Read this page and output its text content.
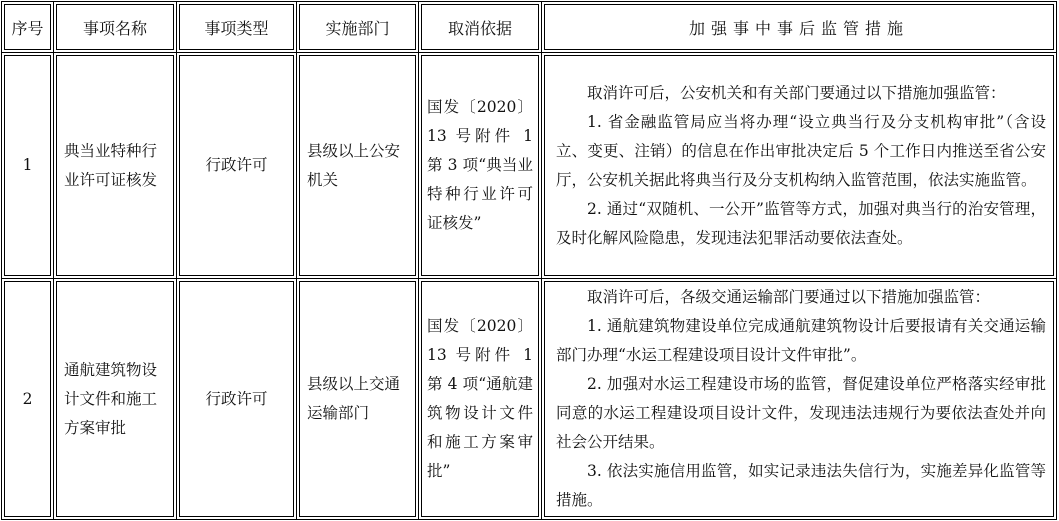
序号	事项名称	事项类型	实施部门	取消依据	加强事中事后监管措施
1	典当业特种行业许可证核发	行政许可	县级以上公安机关	国发〔2020〕13 号附件 1 第 3 项“典当业特种行业许可证核发”	取消许可后，公安机关和有关部门要通过以下措施加强监管：

1. 省金融监管局应当将办理“设立典当行及分支机构审批”（含设立、变更、注销）的信息在作出审批决定后 5 个工作日内推送至省公安厅，公安机关据此将典当行及分支机构纳入监管范围，依法实施监管。

2. 通过“双随机、一公开”监管等方式，加强对典当行的治安管理，及时化解风险隐患，发现违法犯罪活动要依法查处。

2	通航建筑物设计文件和施工方案审批	行政许可	县级以上交通运输部门	国发〔2020〕13 号附件 1 第 4 项“通航建筑物设计文件和施工方案审批”	取消许可后，各级交通运输部门要通过以下措施加强监管：

1. 通航建筑物建设单位完成通航建筑物设计后要报请有关交通运输部门办理“水运工程建设项目设计文件审批”。

2. 加强对水运工程建设市场的监管，督促建设单位严格落实经审批同意的水运工程建设项目设计文件，发现违法违规行为要依法查处并向社会公开结果。

3. 依法实施信用监管，如实记录违法失信行为，实施差异化监管等措施。
